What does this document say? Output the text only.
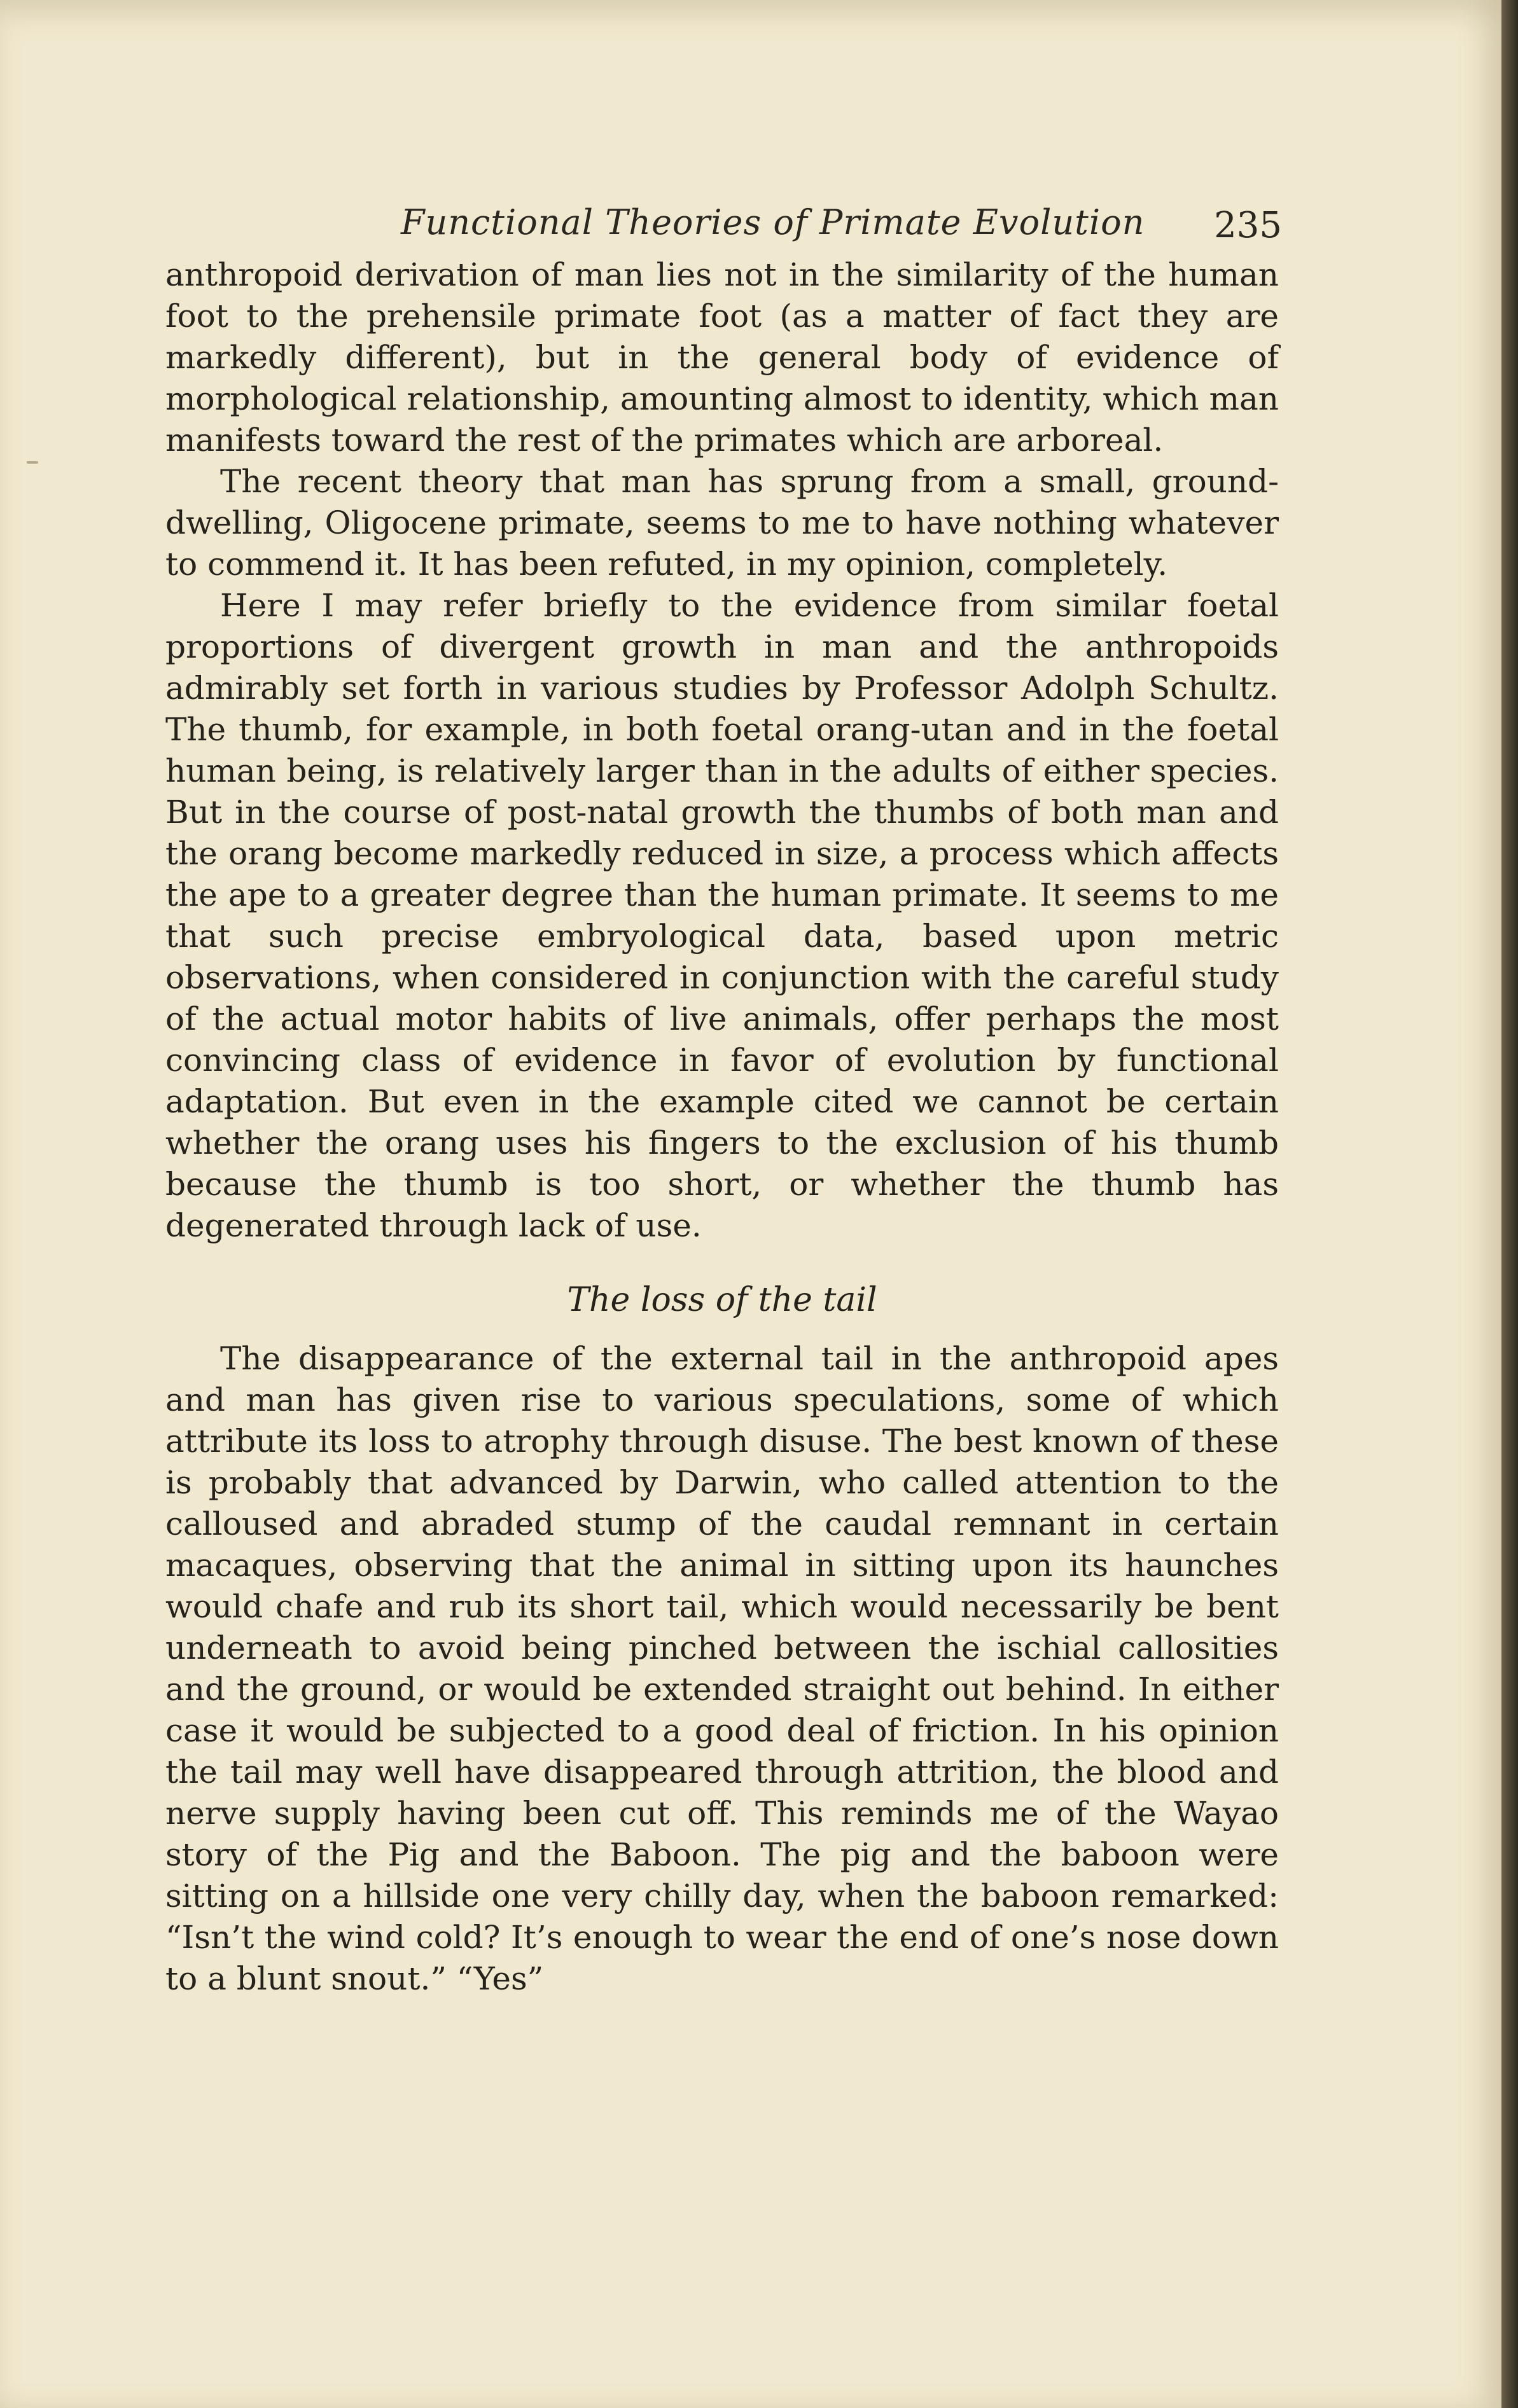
Functional Theories of Primate Evolution 235

anthropoid derivation of man lies not in the similarity of the human foot to the prehensile primate foot (as a matter of fact they are markedly different), but in the general body of evidence of morphological relationship, amounting almost to identity, which man manifests toward the rest of the primates which are arboreal.

The recent theory that man has sprung from a small, ground-dwelling, Oligocene primate, seems to me to have nothing whatever to commend it. It has been refuted, in my opinion, completely.

Here I may refer briefly to the evidence from similar foetal proportions of divergent growth in man and the anthropoids admirably set forth in various studies by Professor Adolph Schultz. The thumb, for example, in both foetal orang-utan and in the foetal human being, is relatively larger than in the adults of either species. But in the course of post-natal growth the thumbs of both man and the orang become markedly reduced in size, a process which affects the ape to a greater degree than the human primate. It seems to me that such precise embryological data, based upon metric observations, when considered in conjunction with the careful study of the actual motor habits of live animals, offer perhaps the most convincing class of evidence in favor of evolution by functional adaptation. But even in the example cited we cannot be certain whether the orang uses his fingers to the exclusion of his thumb because the thumb is too short, or whether the thumb has degenerated through lack of use.

The loss of the tail

The disappearance of the external tail in the anthropoid apes and man has given rise to various speculations, some of which attribute its loss to atrophy through disuse. The best known of these is probably that advanced by Darwin, who called attention to the calloused and abraded stump of the caudal remnant in certain macaques, observing that the animal in sitting upon its haunches would chafe and rub its short tail, which would necessarily be bent underneath to avoid being pinched between the ischial callosities and the ground, or would be extended straight out behind. In either case it would be subjected to a good deal of friction. In his opinion the tail may well have disappeared through attrition, the blood and nerve supply having been cut off. This reminds me of the Wayao story of the Pig and the Baboon. The pig and the baboon were sitting on a hillside one very chilly day, when the baboon remarked: “Isn’t the wind cold? It’s enough to wear the end of one’s nose down to a blunt snout.” “Yes”
